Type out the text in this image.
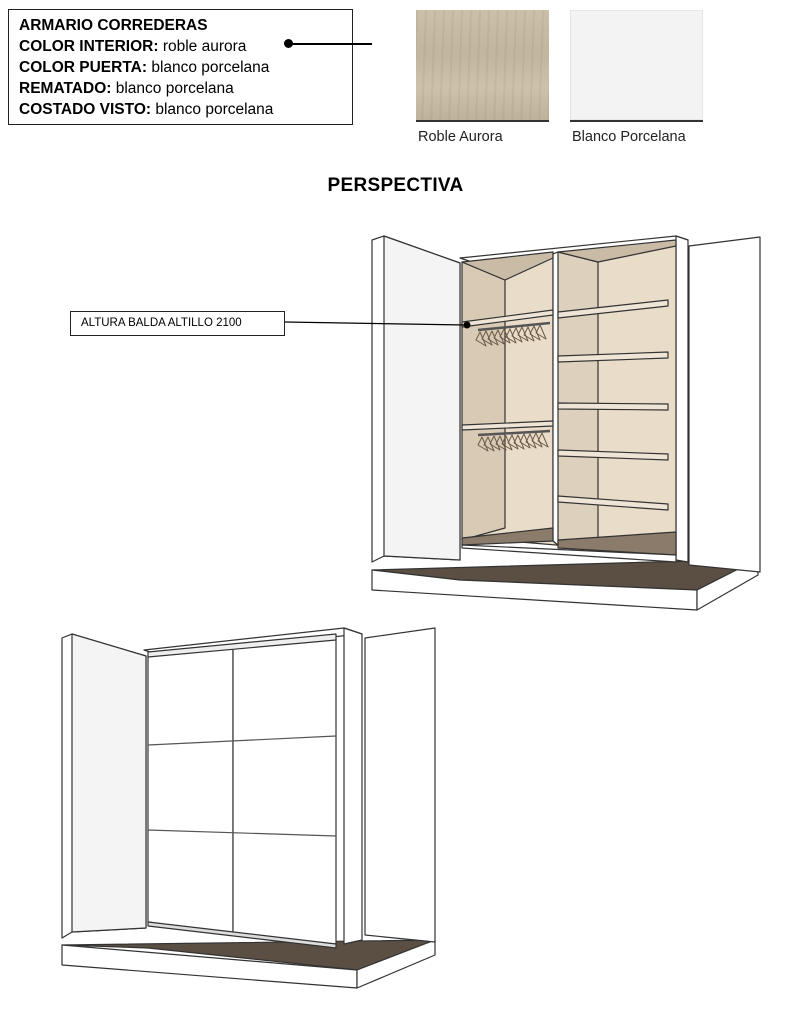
ARMARIO CORREDERAS
COLOR INTERIOR: roble aurora
COLOR PUERTA: blanco porcelana
REMATADO: blanco porcelana
COSTADO VISTO: blanco porcelana
Roble Aurora	Blanco Porcelana
PERSPECTIVA
ALTURA BALDA ALTILLO 2100
